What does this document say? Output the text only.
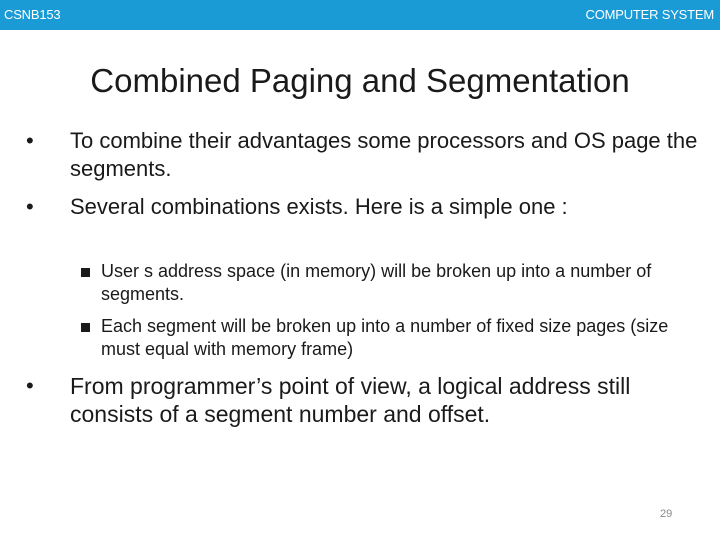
CSNB153	COMPUTER SYSTEM
Combined Paging and Segmentation
• To combine their advantages some processors and OS page the segments.
• Several combinations exists. Here is a simple one :
User s address space (in memory) will be broken up into a number of segments.
Each segment will be broken up into a number of fixed size pages (size must equal with memory frame)
• From programmer’s point of view, a logical address still consists of a segment number and offset.
29
